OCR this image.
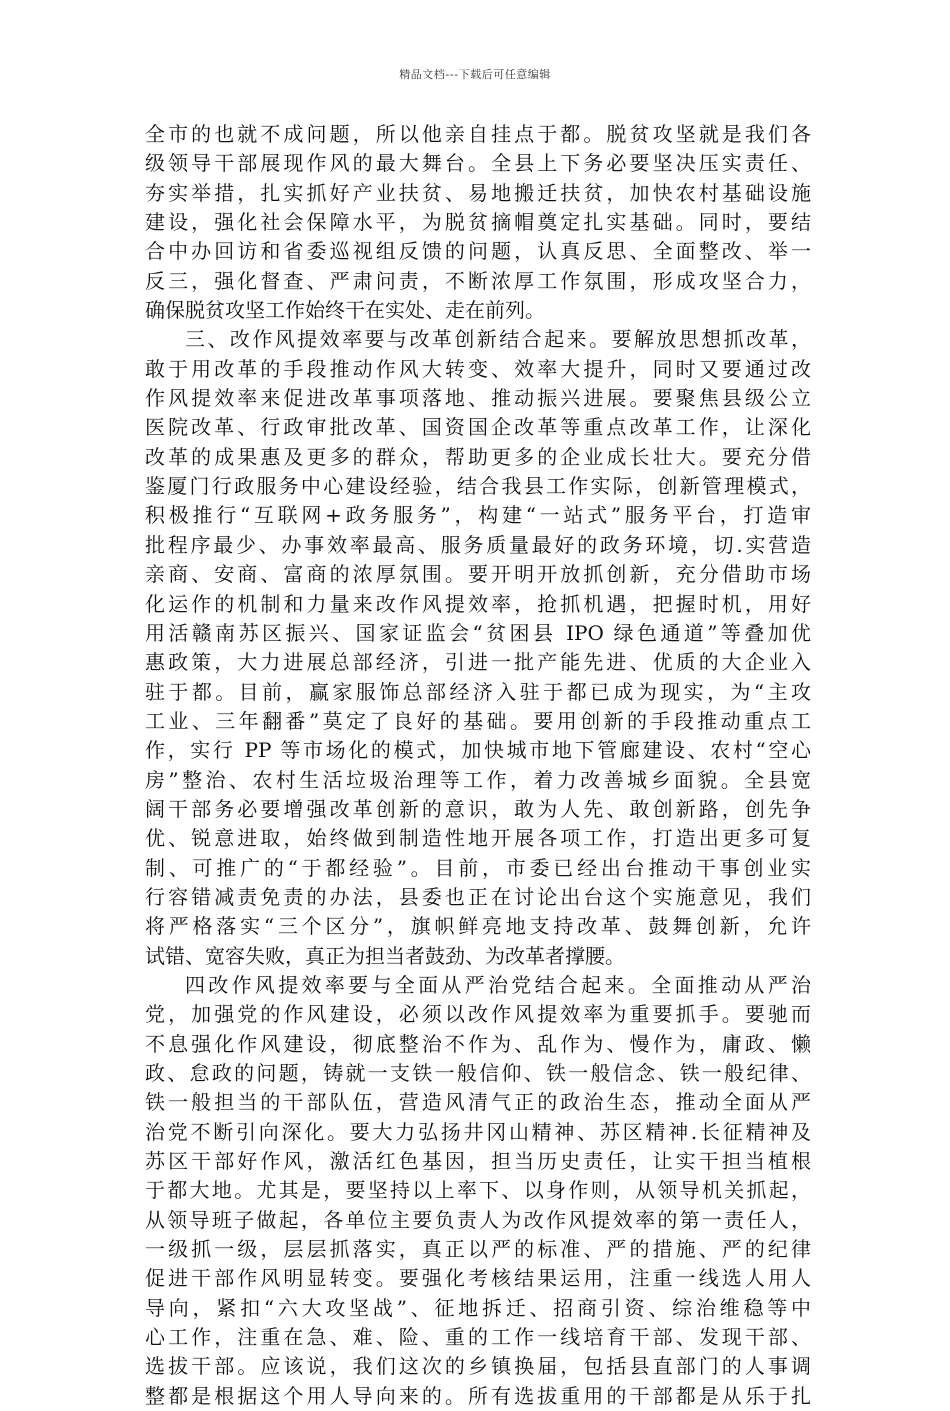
精品文档---下载后可任意编辑
全市的也就不成问题，所以他亲自挂点于都。脱贫攻坚就是我们各
级领导干部展现作风的最大舞台。全县上下务必要坚决压实责任、
夯实举措，扎实抓好产业扶贫、易地搬迁扶贫，加快农村基础设施
建设，强化社会保障水平，为脱贫摘帽奠定扎实基础。同时，要结
合中办回访和省委巡视组反馈的问题，认真反思、全面整改、举一
反三，强化督查、严肃问责，不断浓厚工作氛围，形成攻坚合力，
确保脱贫攻坚工作始终干在实处、走在前列。
三、改作风提效率要与改革创新结合起来。要解放思想抓改革，
敢于用改革的手段推动作风大转变、效率大提升，同时又要通过改
作风提效率来促进改革事项落地、推动振兴进展。要聚焦县级公立
医院改革、行政审批改革、国资国企改革等重点改革工作，让深化
改革的成果惠及更多的群众，帮助更多的企业成长壮大。要充分借
鉴厦门行政服务中心建设经验，结合我县工作实际，创新管理模式，
积极推行“互联网+政务服务”，构建“一站式”服务平台，打造审
批程序最少、办事效率最高、服务质量最好的政务环境，切.实营造
亲商、安商、富商的浓厚氛围。要开明开放抓创新，充分借助市场
化运作的机制和力量来改作风提效率，抢抓机遇，把握时机，用好
用活赣南苏区振兴、国家证监会“贫困县 IPO 绿色通道”等叠加优
惠政策，大力进展总部经济，引进一批产能先进、优质的大企业入
驻于都。目前，赢家服饰总部经济入驻于都已成为现实，为“主攻
工业、三年翻番”莫定了良好的基础。要用创新的手段推动重点工
作，实行 PP 等市场化的模式，加快城市地下管廊建设、农村“空心
房”整治、农村生活垃圾治理等工作，着力改善城乡面貌。全县宽
阔干部务必要增强改革创新的意识，敢为人先、敢创新路，创先争
优、锐意进取，始终做到制造性地开展各项工作，打造出更多可复
制、可推广的“于都经验”。目前，市委已经出台推动干事创业实
行容错减责免责的办法，县委也正在讨论出台这个实施意见，我们
将严格落实“三个区分”，旗帜鲜亮地支持改革、鼓舞创新，允许
试错、宽容失败，真正为担当者鼓劲、为改革者撑腰。
四改作风提效率要与全面从严治党结合起来。全面推动从严治
党，加强党的作风建设，必须以改作风提效率为重要抓手。要驰而
不息强化作风建设，彻底整治不作为、乱作为、慢作为，庸政、懒
政、怠政的问题，铸就一支铁一般信仰、铁一般信念、铁一般纪律、
铁一般担当的干部队伍，营造风清气正的政治生态，推动全面从严
治党不断引向深化。要大力弘扬井冈山精神、苏区精神.长征精神及
苏区干部好作风，激活红色基因，担当历史责任，让实干担当植根
于都大地。尤其是，要坚持以上率下、以身作则，从领导机关抓起，
从领导班子做起，各单位主要负责人为改作风提效率的第一责任人，
一级抓一级，层层抓落实，真正以严的标准、严的措施、严的纪律
促进干部作风明显转变。要强化考核结果运用，注重一线选人用人
导向，紧扣“六大攻坚战”、征地拆迁、招商引资、综治维稳等中
心工作，注重在急、难、险、重的工作一线培育干部、发现干部、
选拔干部。应该说，我们这次的乡镇换届，包括县直部门的人事调
整都是根据这个用人导向来的。所有选拔重用的干部都是从乐于扎
